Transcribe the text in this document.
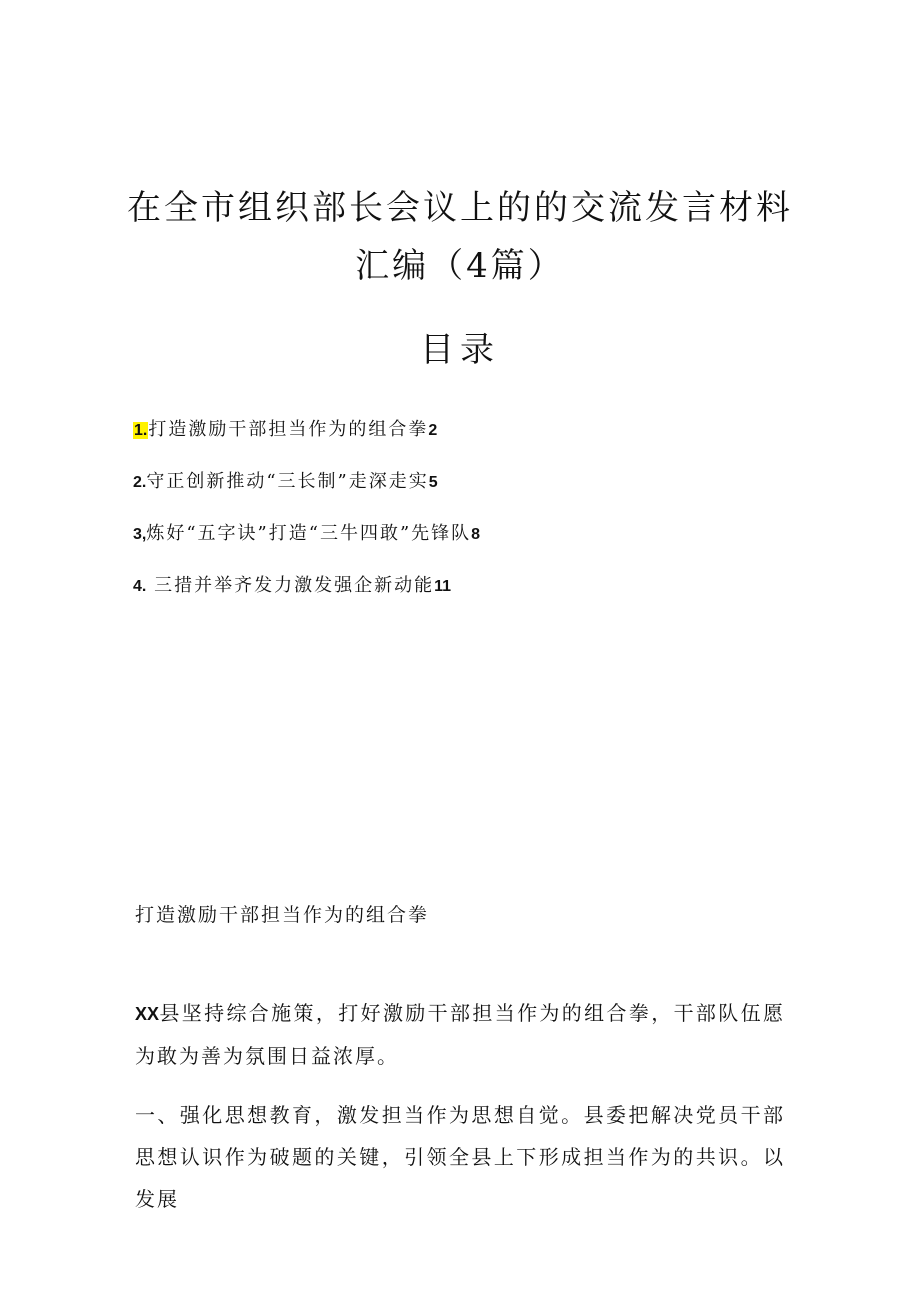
在全市组织部长会议上的的交流发言材料
汇编（4篇）
目录
1.打造激励干部担当作为的组合拳2
2.守正创新推动“三长制”走深走实5
3,炼好“五字诀”打造“三牛四敢”先锋队8
4. 三措并举齐发力激发强企新动能11
打造激励干部担当作为的组合拳

XX县坚持综合施策，打好激励干部担当作为的组合拳，干部队伍愿为敢为善为氛围日益浓厚。

一、强化思想教育，激发担当作为思想自觉。县委把解决党员干部思想认识作为破题的关键，引领全县上下形成担当作为的共识。以发展
